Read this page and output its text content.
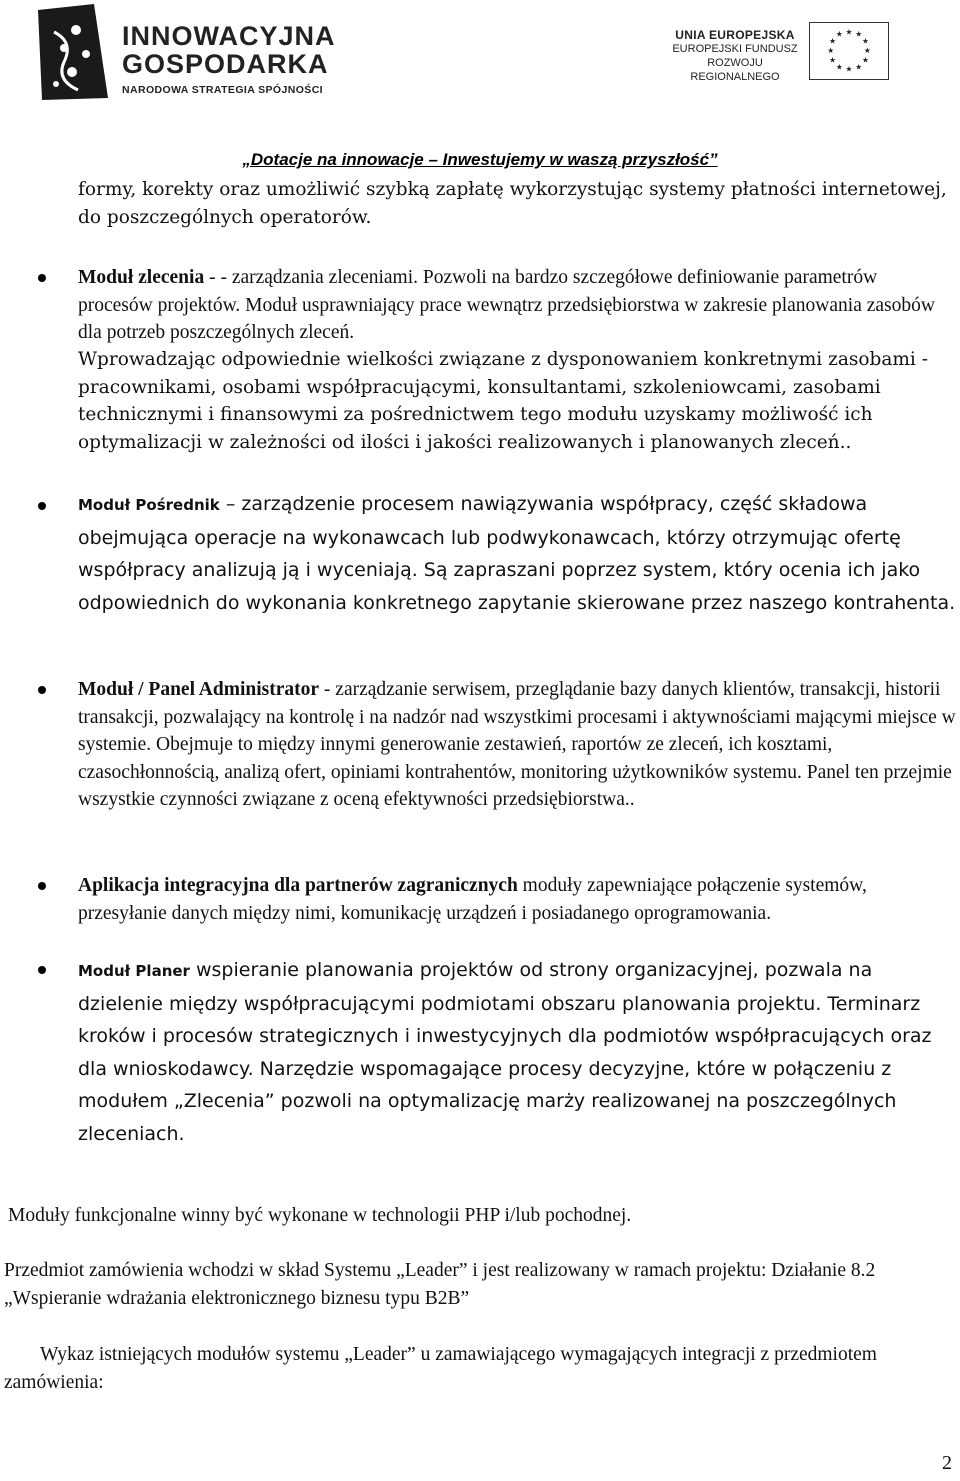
INNOWACYJNA
GOSPODARKA
NARODOWA STRATEGIA SPÓJNOŚCI
UNIA EUROPEJSKA
EUROPEJSKI FUNDUSZ
ROZWOJU REGIONALNEGO
★ ★
★
★
★
★
★
★
★
★
★
★
„Dotacje na innowacje – Inwestujemy w waszą przyszłość”

formy, korekty oraz umożliwić szybką zapłatę wykorzystując systemy płatności internetowej, do poszczególnych operatorów.

Moduł zlecenia - - zarządzania zleceniami. Pozwoli na bardzo szczegółowe definiowanie parametrów procesów projektów. Moduł usprawniający prace wewnątrz przedsiębiorstwa w zakresie planowania zasobów dla potrzeb poszczególnych zleceń.

Wprowadzając odpowiednie wielkości związane z dysponowaniem konkretnymi zasobami - pracownikami, osobami współpracującymi, konsultantami, szkoleniowcami, zasobami technicznymi i finansowymi za pośrednictwem tego modułu uzyskamy możliwość ich optymalizacji w zależności od ilości i jakości realizowanych i planowanych zleceń..

Moduł Pośrednik – zarządzenie procesem nawiązywania współpracy, część składowa obejmująca operacje na wykonawcach lub podwykonawcach, którzy otrzymując ofertę współpracy analizują ją i wyceniają. Są zapraszani poprzez system, który ocenia ich jako odpowiednich do wykonania konkretnego zapytanie skierowane przez naszego kontrahenta.
Moduł / Panel Administrator - zarządzanie serwisem, przeglądanie bazy danych klientów, transakcji, historii transakcji, pozwalający na kontrolę i na nadzór nad wszystkimi procesami i aktywnościami mającymi miejsce w systemie. Obejmuje to między innymi generowanie zestawień, raportów ze zleceń, ich kosztami, czasochłonnością, analizą ofert, opiniami kontrahentów, monitoring użytkowników systemu. Panel ten przejmie wszystkie czynności związane z oceną efektywności przedsiębiorstwa..
Aplikacja integracyjna dla partnerów zagranicznych moduły zapewniające połączenie systemów, przesyłanie danych między nimi, komunikację urządzeń i posiadanego oprogramowania.
Moduł Planer wspieranie planowania projektów od strony organizacyjnej, pozwala na dzielenie między współpracującymi podmiotami obszaru planowania projektu. Terminarz kroków i procesów strategicznych i inwestycyjnych dla podmiotów współpracujących oraz dla wnioskodawcy. Narzędzie wspomagające procesy decyzyjne, które w połączeniu z modułem „Zlecenia” pozwoli na optymalizację marży realizowanej na poszczególnych zleceniach.

Moduły funkcjonalne winny być wykonane w technologii PHP i/lub pochodnej.

Przedmiot zamówienia wchodzi w skład Systemu „Leader” i jest realizowany w ramach projektu: Działanie 8.2 „Wspieranie wdrażania elektronicznego biznesu typu B2B”

Wykaz istniejących modułów systemu „Leader” u zamawiającego wymagających integracji z przedmiotem zamówienia:

2
